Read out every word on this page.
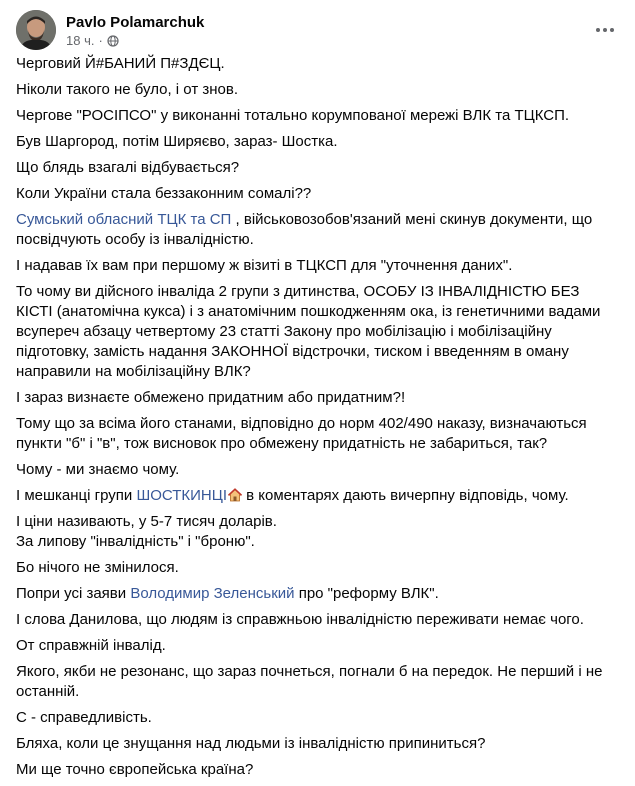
Pavlo Polamarchuk
18 ч. ·

Черговий Й#БАНИЙ П#ЗДЄЦ.

Ніколи такого не було, і от знов.

Чергове "РОСІПСО" у виконанні тотально корумпованої мережі ВЛК та ТЦКСП.

Був Шаргород, потім Ширяєво, зараз- Шостка.

Що блядь взагалі відбувається?

Коли України стала беззаконним сомалі??

Сумський обласний ТЦК та СП , військовозобов'язаний мені скинув документи, що посвідчують особу із інвалідністю.

І надавав їх вам при першому ж візиті в ТЦКСП для "уточнення даних".

То чому ви дійсного інваліда 2 групи з дитинства, ОСОБУ ІЗ ІНВАЛІДНІСТЮ БЕЗ КІСТІ (анатомічна кукса) і з анатомічним пошкодженням ока, із генетичними вадами всупереч абзацу четвертому 23 статті Закону про мобілізацію і мобілізаційну підготовку, замість надання ЗАКОННОЇ відстрочки, тиском і введенням в оману направили на мобілізаційну ВЛК?

І зараз визнаєте обмежено придатним або придатним?!

Тому що за всіма його станами, відповідно до норм 402/490 наказу, визначаються пункти "б" і "в", тож висновок про обмежену придатність не забариться, так?

Чому - ми знаємо чому.

І мешканці групи ШОСТКИНЦІ в коментарях дають вичерпну відповідь, чому.

І ціни називають, у 5-7 тисяч доларів.
За липову "інвалідність" і "броню".

Бо нічого не змінилося.

Попри усі заяви Володимир Зеленський про "реформу ВЛК".

І слова Данилова, що людям із справжньою інвалідністю переживати немає чого.

От справжній інвалід.

Якого, якби не резонанс, що зараз почнеться, погнали б на передок. Не перший і не останній.

С - справедливість.

Бляха, коли це знущання над людьми із інвалідністю припиниться?

Ми ще точно європейська країна?
